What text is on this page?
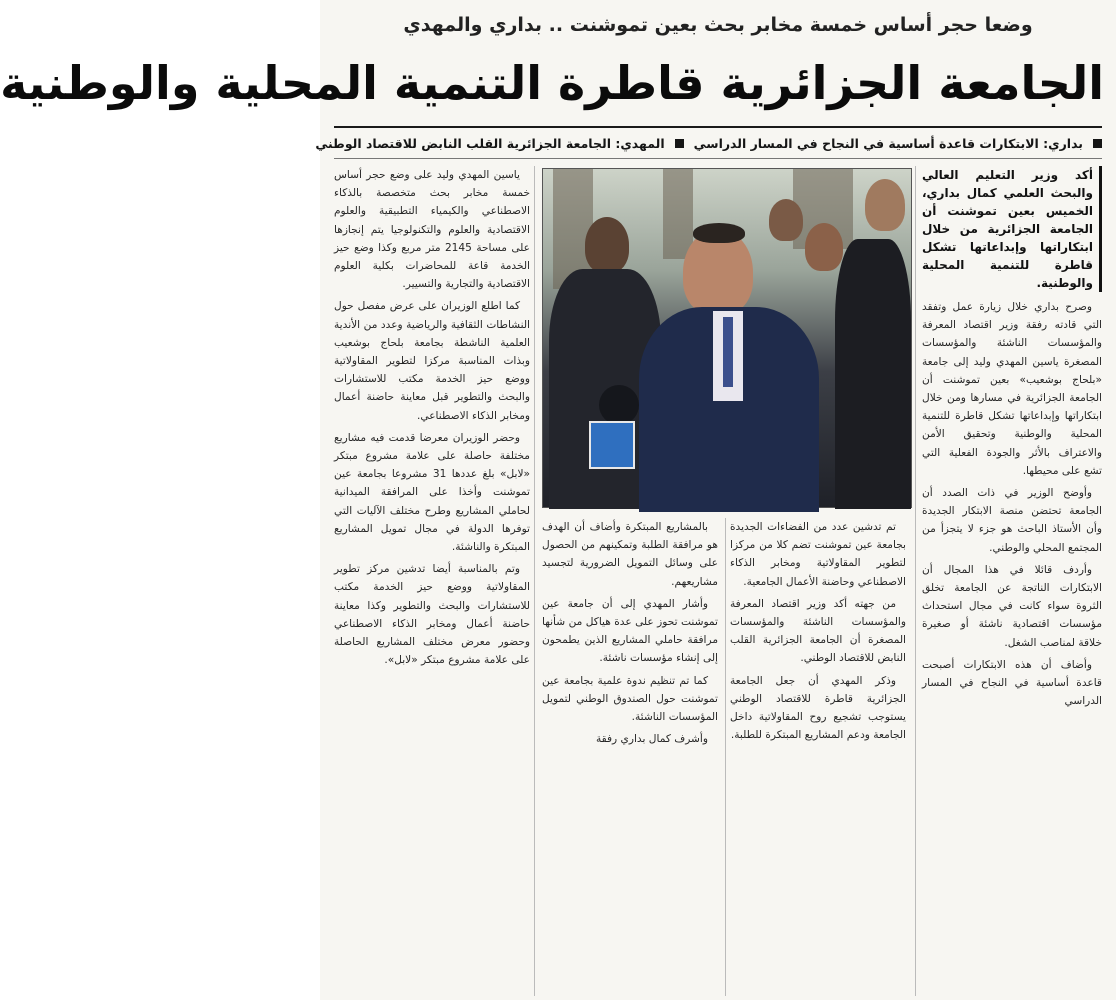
وضعا حجر أساس خمسة مخابر بحث بعين تموشنت .. بداري والمهدي
الجامعة الجزائرية قاطرة التنمية المحلية والوطنية
بداري: الابتكارات قاعدة أساسية في النجاح في المسار الدراسي
المهدي: الجامعة الجزائرية القلب النابض للاقتصاد الوطني
أكد وزير التعليم العالي والبحث العلمي كمال بداري، الخميس بعين تموشنت أن الجامعة الجزائرية من خلال ابتكاراتها وإبداعاتها تشكل قاطرة للتنمية المحلية والوطنية.

وصرح بداري خلال زيارة عمل وتفقد التي قادته رفقة وزير اقتصاد المعرفة والمؤسسات الناشئة والمؤسسات المصغرة ياسين المهدي وليد إلى جامعة «بلحاج بوشعيب» بعين تموشنت أن الجامعة الجزائرية في مسارها ومن خلال ابتكاراتها وإبداعاتها تشكل قاطرة للتنمية المحلية والوطنية وتحقيق الأمن والاعتراف بالأثر والجودة الفعلية التي تشع على محيطها.

وأوضح الوزير في ذات الصدد أن الجامعة تحتضن منصة الابتكار الجديدة وأن الأستاذ الباحث هو جزء لا يتجزأ من المجتمع المحلي والوطني.

وأردف قائلا في هذا المجال أن الابتكارات الناتجة عن الجامعة تخلق الثروة سواء كانت في مجال استحداث مؤسسات اقتصادية ناشئة أو صغيرة خلاقة لمناصب الشغل.

وأضاف أن هذه الابتكارات أصبحت قاعدة أساسية في النجاح في المسار الدراسي

تم تدشين عدد من الفضاءات الجديدة بجامعة عين تموشنت تضم كلا من مركزا لتطوير المقاولاتية ومخابر الذكاء الاصطناعي وحاضنة الأعمال الجامعية.

من جهته أكد وزير اقتصاد المعرفة والمؤسسات الناشئة والمؤسسات المصغرة أن الجامعة الجزائرية القلب النابض للاقتصاد الوطني.

وذكر المهدي أن جعل الجامعة الجزائرية قاطرة للاقتصاد الوطني يستوجب تشجيع روح المقاولاتية داخل الجامعة ودعم المشاريع المبتكرة للطلبة.

بالمشاريع المبتكرة وأضاف أن الهدف هو مرافقة الطلبة وتمكينهم من الحصول على وسائل التمويل الضرورية لتجسيد مشاريعهم.

وأشار المهدي إلى أن جامعة عين تموشنت تحوز على عدة هياكل من شأنها مرافقة حاملي المشاريع الذين يطمحون إلى إنشاء مؤسسات ناشئة.

كما تم تنظيم ندوة علمية بجامعة عين تموشنت حول الصندوق الوطني لتمويل المؤسسات الناشئة.

وأشرف كمال بداري رفقة

ياسين المهدي وليد على وضع حجر أساس خمسة مخابر بحث متخصصة بالذكاء الاصطناعي والكيمياء التطبيقية والعلوم الاقتصادية والعلوم والتكنولوجيا يتم إنجازها على مساحة 2145 متر مربع وكذا وضع حيز الخدمة قاعة للمحاضرات بكلية العلوم الاقتصادية والتجارية والتسيير.

كما اطلع الوزيران على عرض مفصل حول النشاطات الثقافية والرياضية وعدد من الأندية العلمية الناشطة بجامعة بلحاج بوشعيب وبذات المناسبة مركزا لتطوير المقاولاتية ووضع حيز الخدمة مكتب للاستشارات والبحث والتطوير قبل معاينة حاضنة أعمال ومخابر الذكاء الاصطناعي.

وحضر الوزيران معرضا قدمت فيه مشاريع مختلفة حاصلة على علامة مشروع مبتكر «لابل» بلغ عددها 31 مشروعا بجامعة عين تموشنت وأخذا على المرافقة الميدانية لحاملي المشاريع وطرح مختلف الآليات التي توفرها الدولة في مجال تمويل المشاريع المبتكرة والناشئة.

وتم بالمناسبة أيضا تدشين مركز تطوير المقاولاتية ووضع حيز الخدمة مكتب للاستشارات والبحث والتطوير وكذا معاينة حاضنة أعمال ومخابر الذكاء الاصطناعي وحضور معرض مختلف المشاريع الحاصلة على علامة مشروع مبتكر «لابل».
